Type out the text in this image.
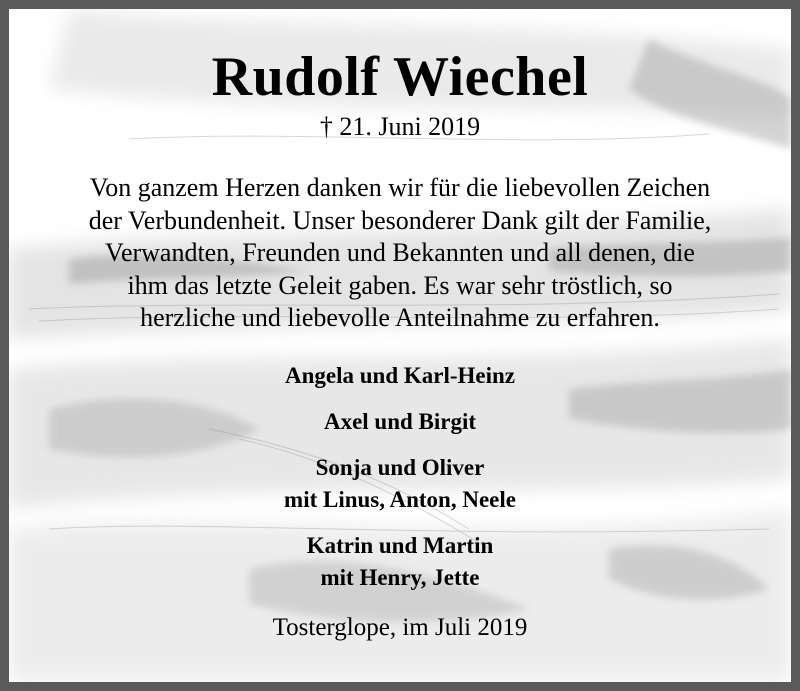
Rudolf Wiechel
† 21. Juni 2019
Von ganzem Herzen danken wir für die liebevollen Zeichen
der Verbundenheit. Unser besonderer Dank gilt der Familie,
Verwandten, Freunden und Bekannten und all denen, die
ihm das letzte Geleit gaben. Es war sehr tröstlich, so
herzliche und liebevolle Anteilnahme zu erfahren.
Angela und Karl-Heinz
Axel und Birgit
Sonja und Oliver
mit Linus, Anton, Neele
Katrin und Martin
mit Henry, Jette
Tosterglope, im Juli 2019
